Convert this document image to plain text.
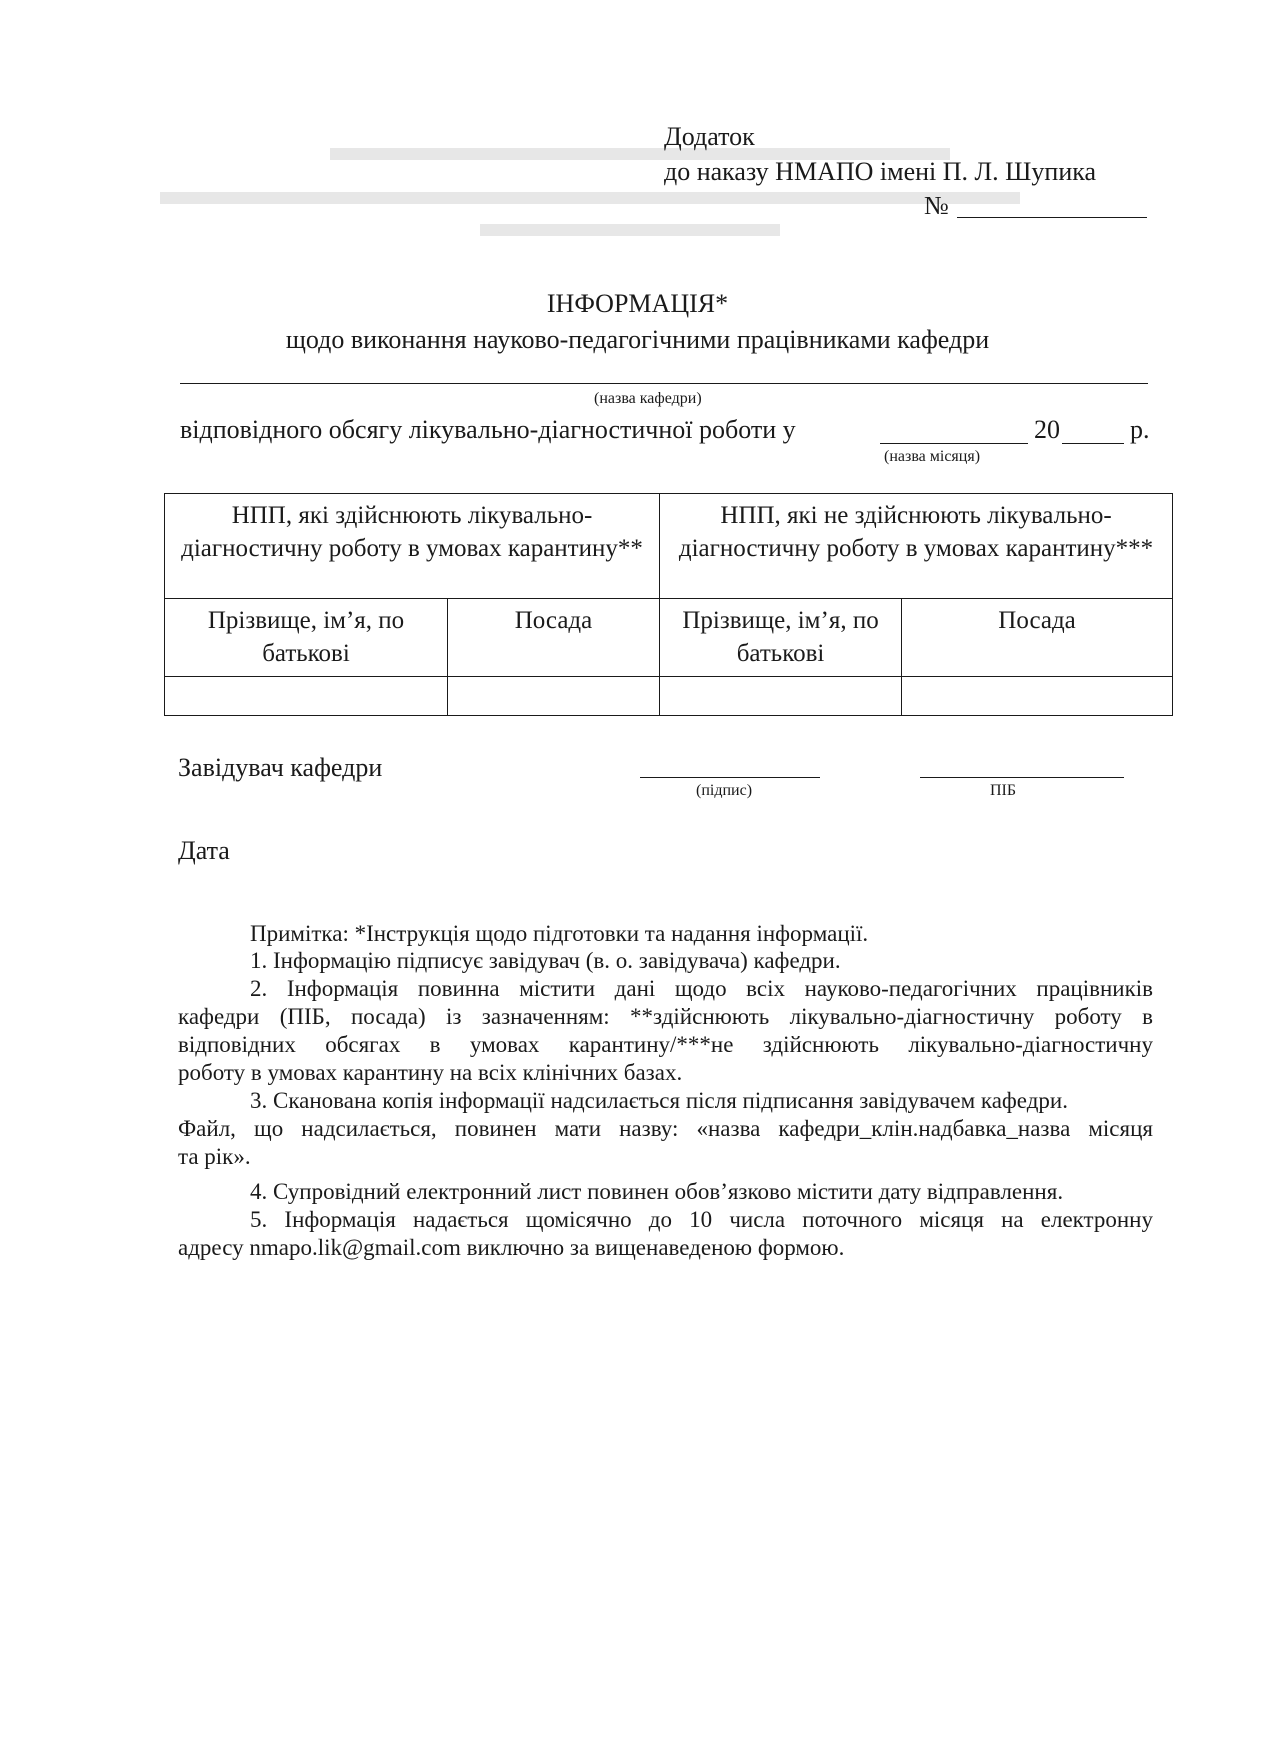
Додаток
до наказу НМАПО імені П. Л. Шупика
№
ІНФОРМАЦІЯ*
щодо виконання науково-педагогічними працівниками кафедри
(назва кафедри)
відповідного обсягу лікувально-діагностичної роботи у	20	р.
(назва місяця)
НПП, які здійснюють лікувально-діагностичну роботу в умовах карантину**		НПП, які не здійснюють лікувально-діагностичну роботу в умовах карантину***	
Прізвище, ім’я, по батькові	Посада	Прізвище, ім’я, по батькові	Посада

Завідувач кафедри
(підпис)	ПІБ
Дата
Примітка: *Інструкція щодо підготовки та надання інформації.
1. Інформацію підписує завідувач (в. о. завідувача) кафедри.
2. Інформація повинна містити дані щодо всіх науково-педагогічних працівників
кафедри (ПІБ, посада) із зазначенням: **здійснюють лікувально-діагностичну роботу в
відповідних обсягах в умовах карантину/***не здійснюють лікувально-діагностичну
роботу в умовах карантину на всіх клінічних базах.
3. Сканована копія інформації надсилається після підписання завідувачем кафедри.
Файл, що надсилається, повинен мати назву: «назва кафедри_клін.надбавка_назва місяця
та рік».
4. Супровідний електронний лист повинен обов’язково містити дату відправлення.
5. Інформація надається щомісячно до 10 числа поточного місяця на електронну
адресу nmapo.lik@gmail.com виключно за вищенаведеною формою.
